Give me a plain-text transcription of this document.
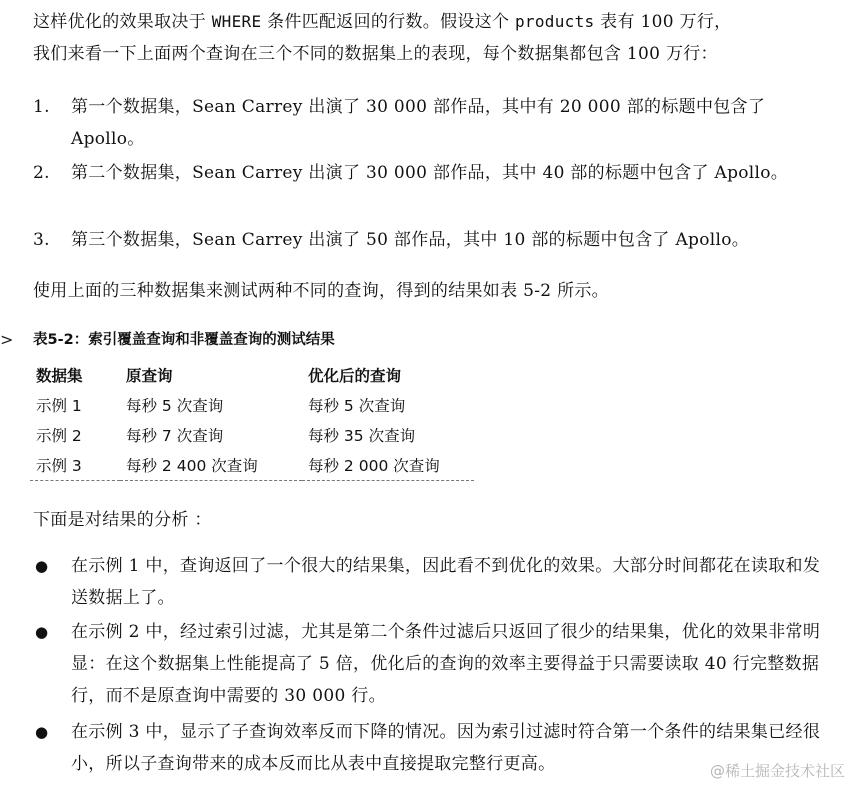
这样优化的效果取决于 WHERE 条件匹配返回的行数。假设这个 products 表有 100 万行，
我们来看一下上面两个查询在三个不同的数据集上的表现，每个数据集都包含 100 万行：

1.	第一个数据集，Sean Carrey 出演了 30 000 部作品，其中有 20 000 部的标题中包含了 Apollo。
2.	第二个数据集，Sean Carrey 出演了 30 000 部作品，其中 40 部的标题中包含了 Apollo。
3.	第三个数据集，Sean Carrey 出演了 50 部作品，其中 10 部的标题中包含了 Apollo。

使用上面的三种数据集来测试两种不同的查询，得到的结果如表 5-2 所示。

> 表5-2：索引覆盖查询和非覆盖查询的测试结果
数据集	原查询	优化后的查询
示例 1	每秒 5 次查询	每秒 5 次查询
示例 2	每秒 7 次查询	每秒 35 次查询
示例 3	每秒 2 400 次查询	每秒 2 000 次查询

下面是对结果的分析 ：

● 在示例 1 中，查询返回了一个很大的结果集，因此看不到优化的效果。大部分时间都花在读取和发送数据上了。
● 在示例 2 中，经过索引过滤，尤其是第二个条件过滤后只返回了很少的结果集，优化的效果非常明显：在这个数据集上性能提高了 5 倍，优化后的查询的效率主要得益于只需要读取 40 行完整数据行，而不是原查询中需要的 30 000 行。
● 在示例 3 中，显示了子查询效率反而下降的情况。因为索引过滤时符合第一个条件的结果集已经很小，所以子查询带来的成本反而比从表中直接提取完整行更高。	@稀土掘金技术社区
